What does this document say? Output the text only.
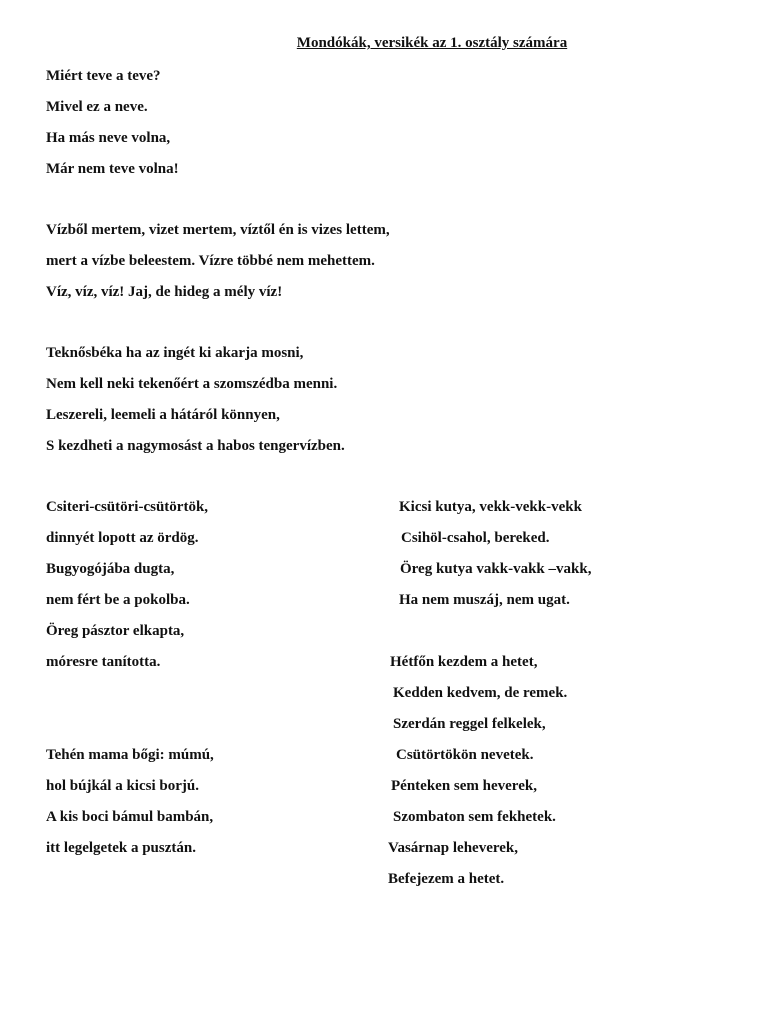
Mondókák, versikék az 1. osztály számára
Miért teve a teve?
Mivel ez a neve.
Ha más neve volna,
Már nem teve volna!
Vízből mertem, vizet mertem, víztől én is vizes lettem,
mert a vízbe beleestem. Vízre többé nem mehettem.
Víz, víz, víz! Jaj, de hideg a mély víz!
Teknősbéka ha az ingét ki akarja mosni,
Nem kell neki tekenőért a szomszédba menni.
Leszereli, leemeli a hátáról könnyen,
S kezdheti a nagymosást a habos tengervízben.
Csiteri-csütöri-csütörtök,
dinnyét lopott az ördög.
Bugyogójába dugta,
nem fért be a pokolba.
Öreg pásztor elkapta,
móresre tanította.
Kicsi kutya, vekk-vekk-vekk
Csihöl-csahol, bereked.
Öreg kutya vakk-vakk –vakk,
Ha nem muszáj, nem ugat.
Hétfőn kezdem a hetet,
Kedden kedvem, de remek.
Szerdán reggel felkelek,
Csütörtökön nevetek.
Pénteken sem heverek,
Szombaton sem fekhetek.
Vasárnap leheverek,
Befejezem a hetet.
Tehén mama bőgi: múmú,
hol bújkál a kicsi borjú.
A kis boci bámul bambán,
itt legelgetek a pusztán.
